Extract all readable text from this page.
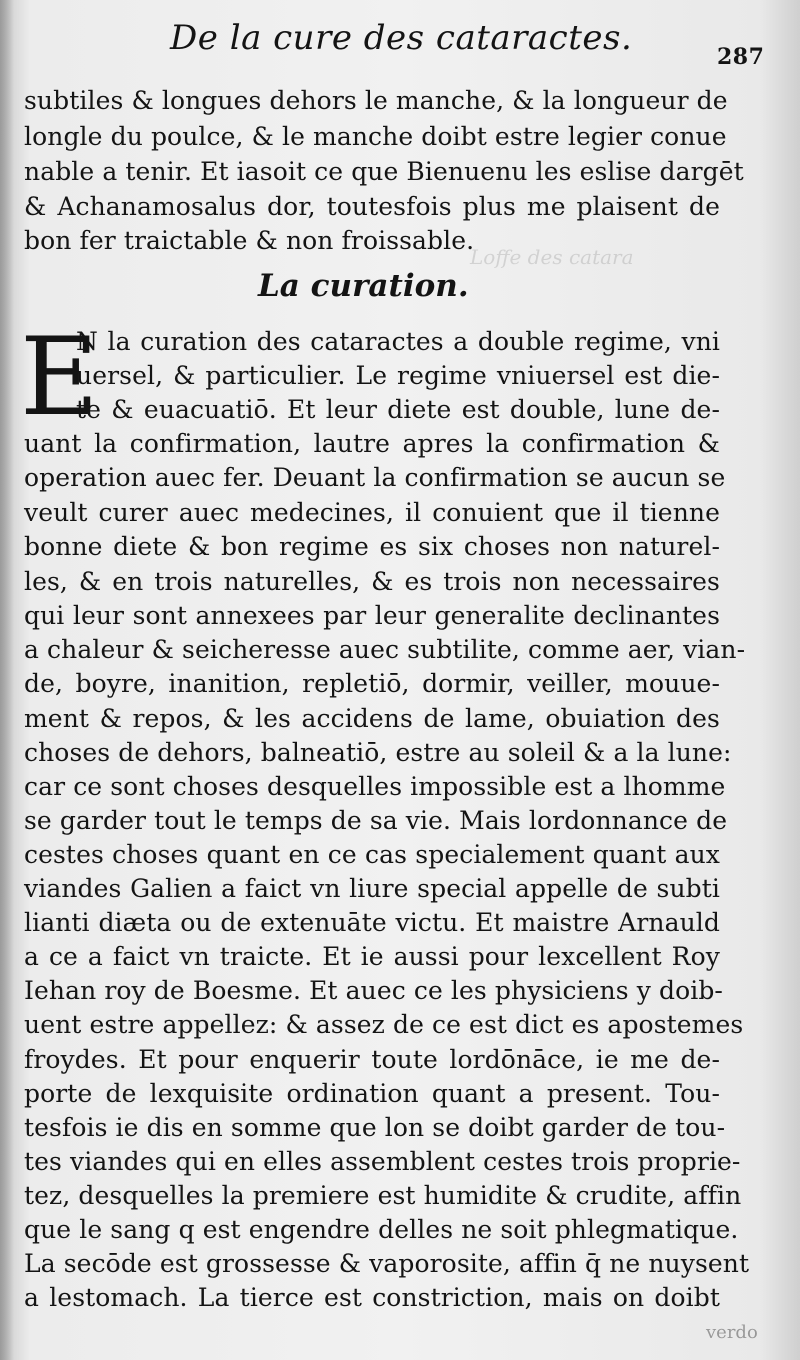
De la cure des cataractes.	287
Loffe des catara
La curation.
E
subtiles & longues dehors le manche, & la longueur de
longle du poulce, & le manche doibt estre legier conue
nable a tenir. Et iasoit ce que Bienuenu les eslise dargēt
& Achanamosalus dor, toutesfois plus me plaisent de
bon fer traictable & non froissable.
N la curation des cataractes a double regime, vni
uersel, & particulier. Le regime vniuersel est die-
te & euacuatiō. Et leur diete est double, lune de-
uant la confirmation, lautre apres la confirmation &
operation auec fer. Deuant la confirmation se aucun se
veult curer auec medecines, il conuient que il tienne
bonne diete & bon regime es six choses non naturel-
les, & en trois naturelles, & es trois non necessaires
qui leur sont annexees par leur generalite declinantes
a chaleur & seicheresse auec subtilite, comme aer, vian-
de, boyre, inanition, repletiō, dormir, veiller, mouue-
ment & repos, & les accidens de lame, obuiation des
choses de dehors, balneatiō, estre au soleil & a la lune:
car ce sont choses desquelles impossible est a lhomme
se garder tout le temps de sa vie. Mais lordonnance de
cestes choses quant en ce cas specialement quant aux
viandes Galien a faict vn liure special appelle de subti
lianti diæta ou de extenuāte victu. Et maistre Arnauld
a ce a faict vn traicte. Et ie aussi pour lexcellent Roy
Iehan roy de Boesme. Et auec ce les physiciens y doib-
uent estre appellez: & assez de ce est dict es apostemes
froydes. Et pour enquerir toute lordōnāce, ie me de-
porte de lexquisite ordination quant a present. Tou-
tesfois ie dis en somme que lon se doibt garder de tou-
tes viandes qui en elles assemblent cestes trois proprie-
tez, desquelles la premiere est humidite & crudite, affin
que le sang q est engendre delles ne soit phlegmatique.
La secōde est grossesse & vaporosite, affin q̄ ne nuysent
a lestomach. La tierce est constriction, mais on doibt
verdo
